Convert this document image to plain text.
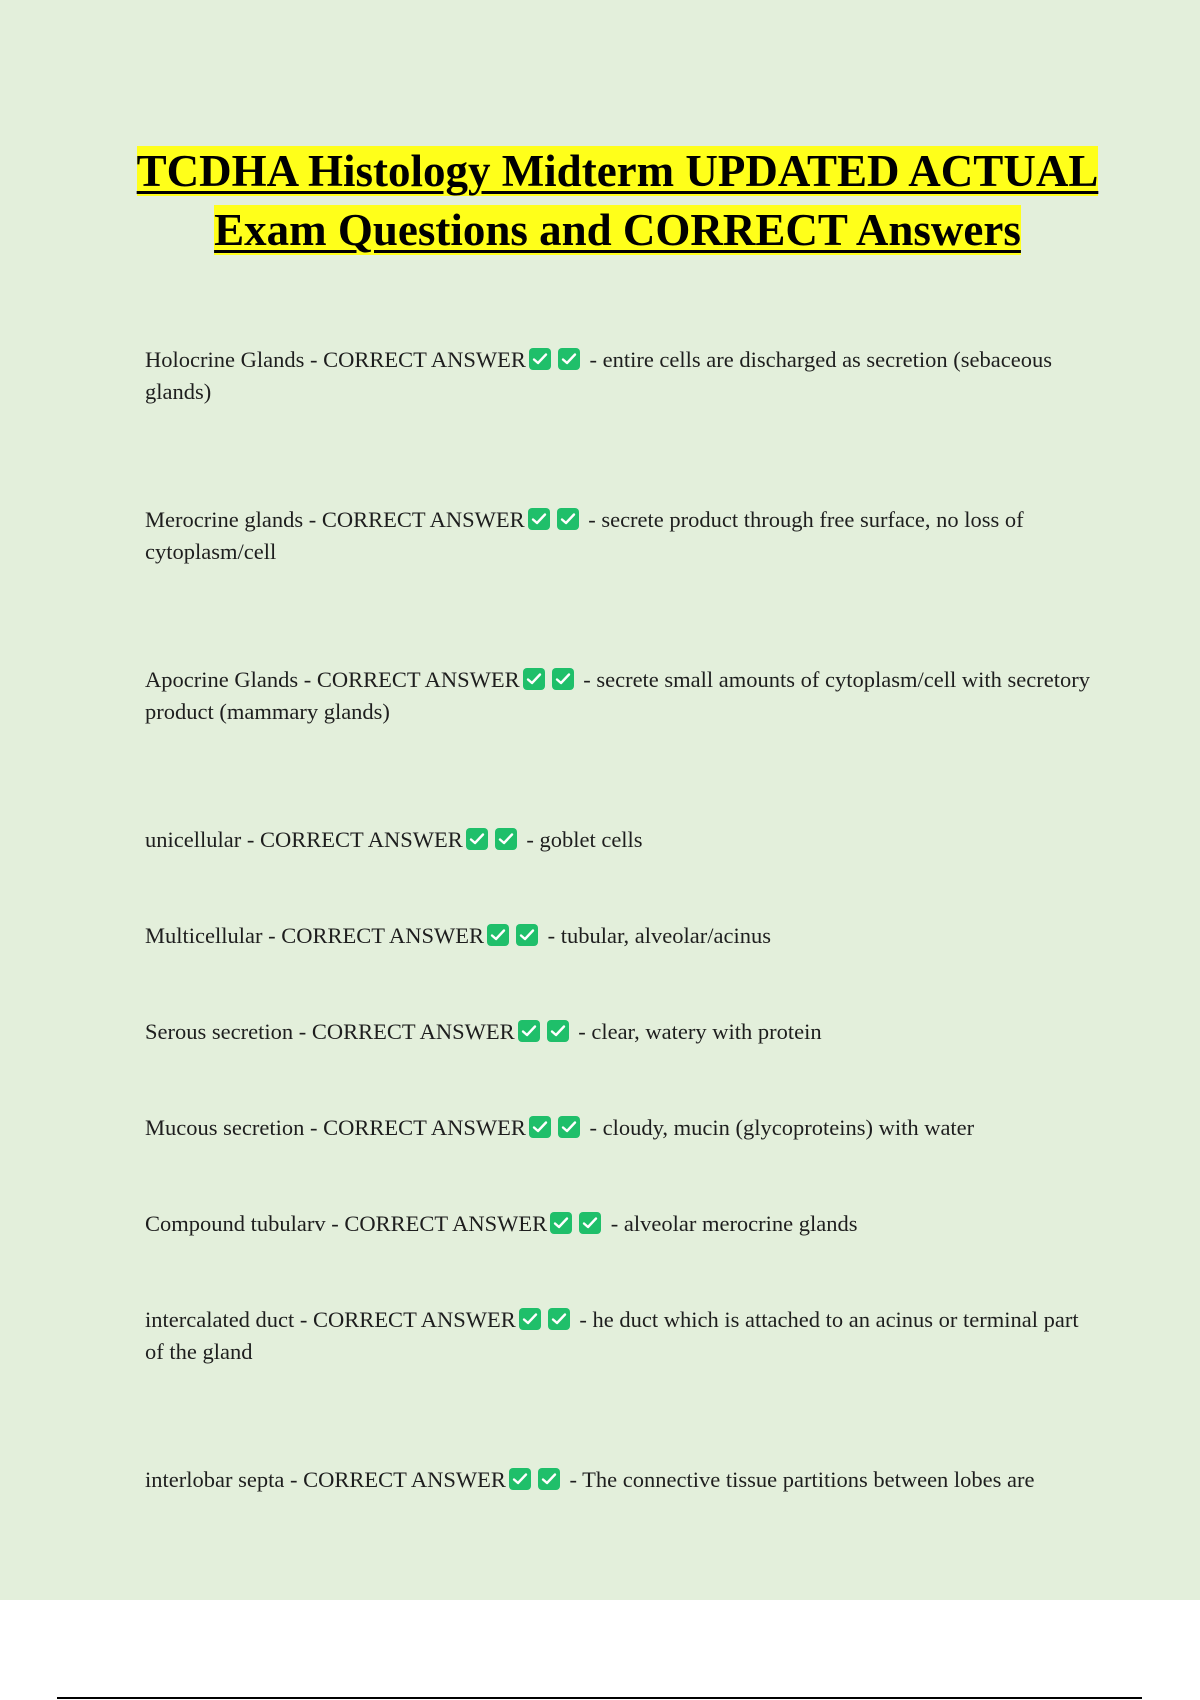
TCDHA Histology Midterm UPDATED ACTUAL Exam Questions and CORRECT Answers

Holocrine Glands - CORRECT ANSWER	- entire cells are discharged as secretion (sebaceous glands)

Merocrine glands - CORRECT ANSWER	- secrete product through free surface, no loss of cytoplasm/cell

Apocrine Glands - CORRECT ANSWER	- secrete small amounts of cytoplasm/cell with secretory product (mammary glands)

unicellular - CORRECT ANSWER	- goblet cells

Multicellular - CORRECT ANSWER	- tubular, alveolar/acinus

Serous secretion - CORRECT ANSWER	- clear, watery with protein

Mucous secretion - CORRECT ANSWER	- cloudy, mucin (glycoproteins) with water

Compound tubularv - CORRECT ANSWER	- alveolar merocrine glands

intercalated duct - CORRECT ANSWER	- he duct which is attached to an acinus or terminal part of the gland

interlobar septa - CORRECT ANSWER	- The connective tissue partitions between lobes are
